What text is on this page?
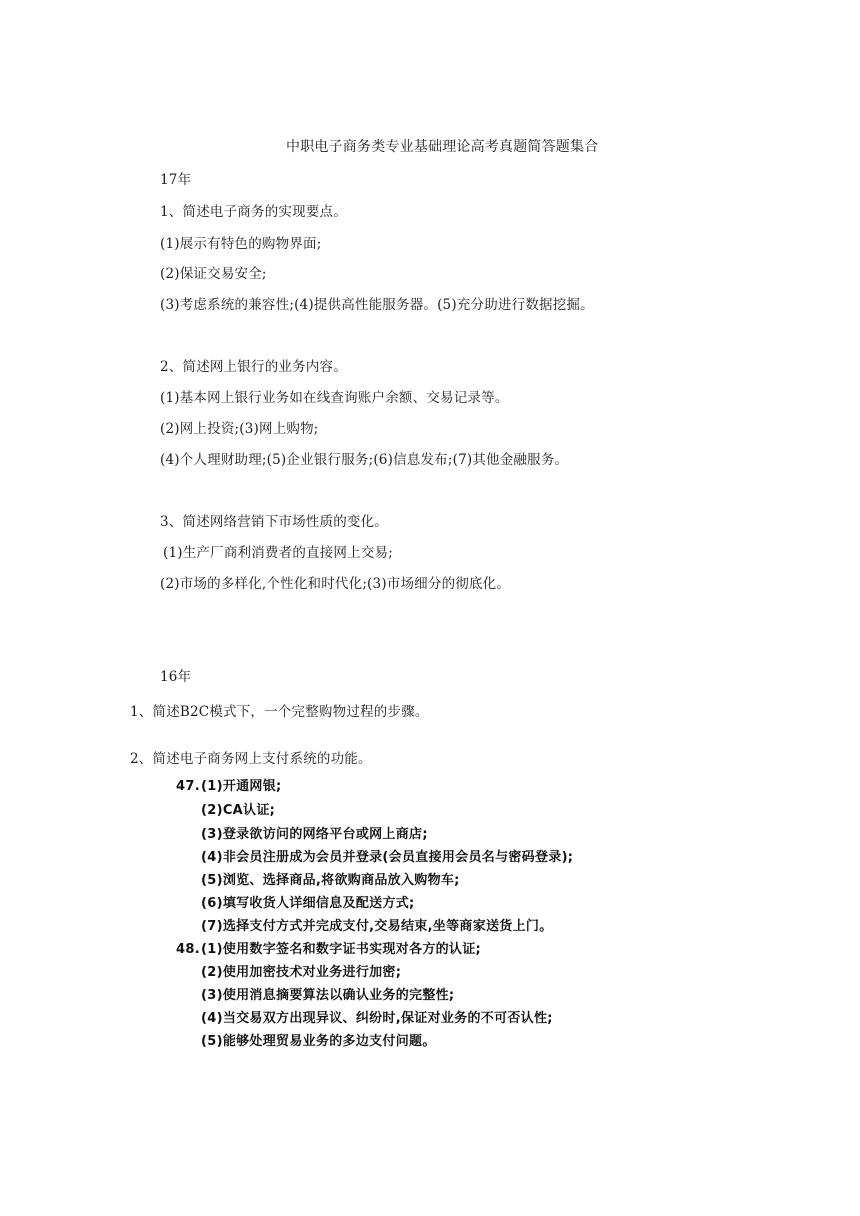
中职电子商务类专业基础理论高考真题简答题集合
17年
1、简述电子商务的实现要点。
(1)展示有特色的购物界面;
(2)保证交易安全;
(3)考虑系统的兼容性;(4)提供高性能服务器。(5)充分助进行数据挖掘。
2、简述网上银行的业务内容。
(1)基本网上银行业务如在线查询账户余额、交易记录等。
(2)网上投资;(3)网上购物;
(4)个人理财助理;(5)企业银行服务;(6)信息发布;(7)其他金融服务。
3、简述网络营销下市场性质的变化。
(1)生产厂商利消费者的直接网上交易;
(2)市场的多样化,个性化和时代化;(3)市场细分的彻底化。
16年
1、简述B2C模式下，一个完整购物过程的步骤。
2、简述电子商务网上支付系统的功能。
47. (1)开通网银;
(2)CA认证;
(3)登录欲访问的网络平台或网上商店;
(4)非会员注册成为会员并登录(会员直接用会员名与密码登录);
(5)浏览、选择商品,将欲购商品放入购物车;
(6)填写收货人详细信息及配送方式;
(7)选择支付方式并完成支付,交易结束,坐等商家送货上门。
48. (1)使用数字签名和数字证书实现对各方的认证;
(2)使用加密技术对业务进行加密;
(3)使用消息摘要算法以确认业务的完整性;
(4)当交易双方出现异议、纠纷时,保证对业务的不可否认性;
(5)能够处理贸易业务的多边支付问题。
